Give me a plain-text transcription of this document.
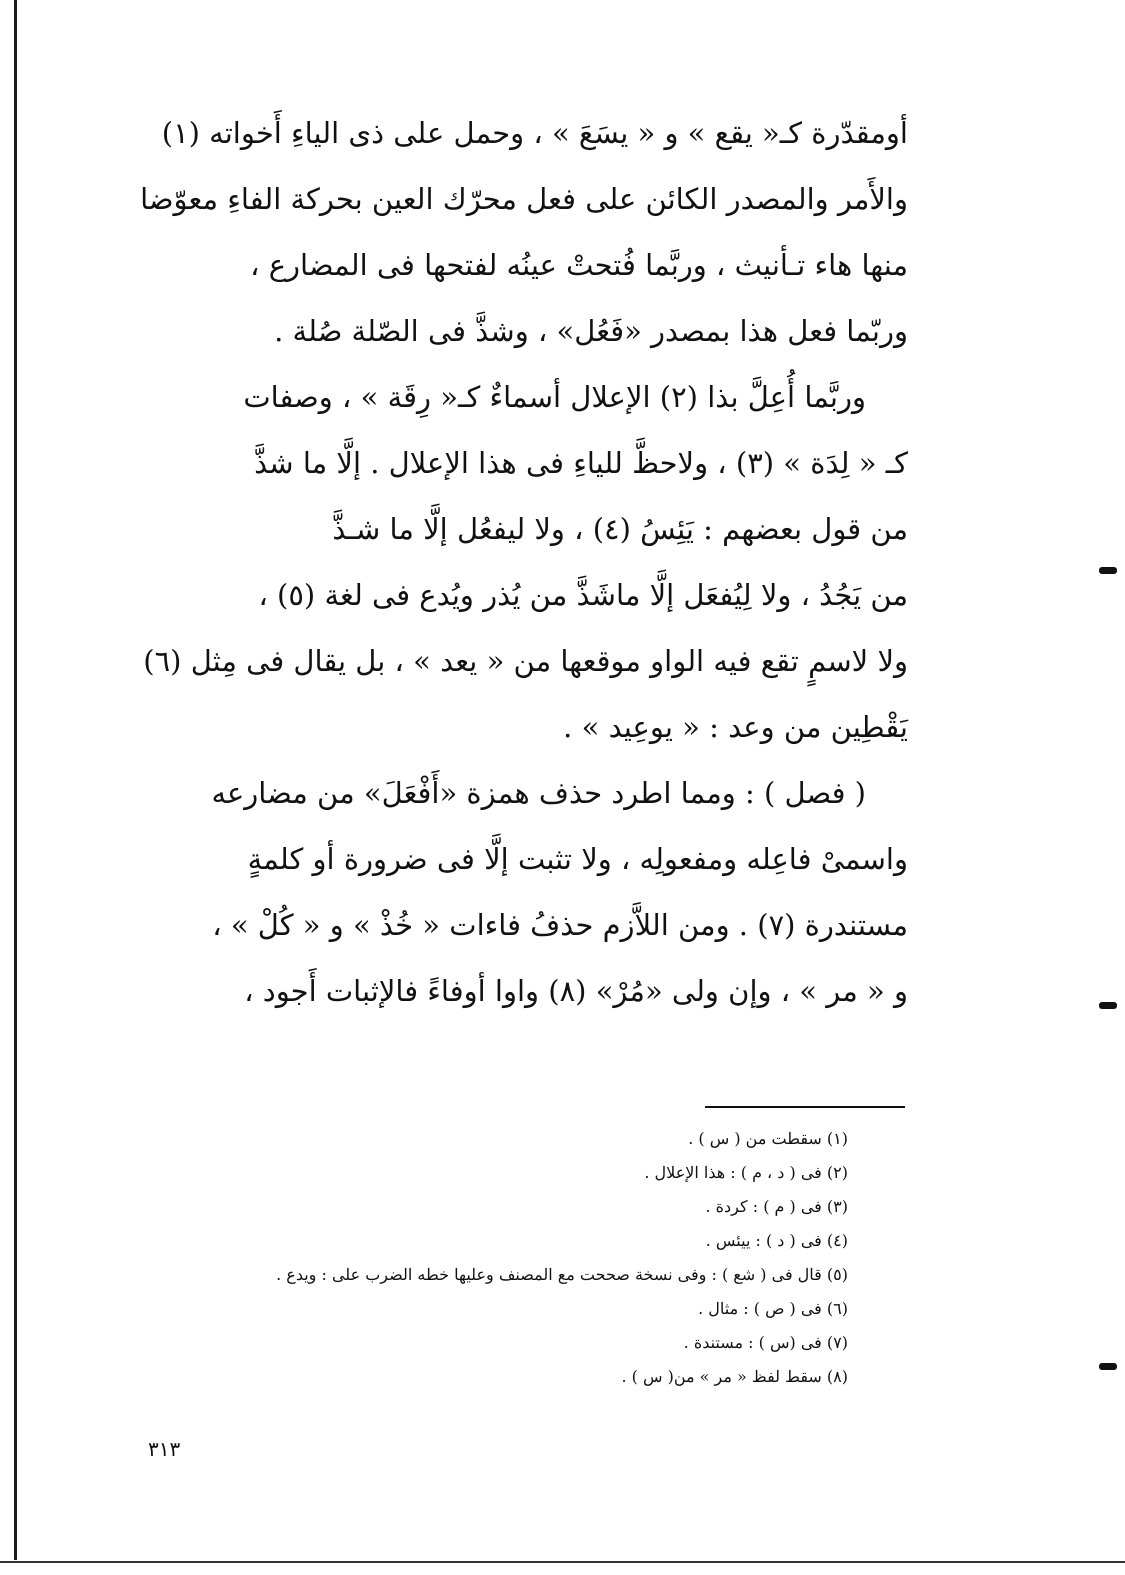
أومقدّرة كـ« يقع » و « يسَعَ » ، وحمل على ذى الياءِ أَخواته (١)
والأَمر والمصدر الكائن على فعل محرّك العين بحركة الفاءِ معوّضا
منها هاء تـأنيث ، وربَّما فُتحتْ عينُه لفتحها فى المضارع ،
وربّما فعل هذا بمصدر «فَعُل» ، وشذَّ فى الصّلة صُلة .
وربَّما أُعِلَّ بذا (٢) الإعلال أسماءٌ كـ« رِقَة » ، وصفات
كـ « لِدَة » (٣) ، ولاحظَّ للياءِ فى هذا الإعلال . إلَّا ما شذَّ
من قول بعضهم : يَئِسُ (٤) ، ولا ليفعُل إلَّا ما شـذَّ
من يَجُدُ ، ولا لِيُفعَل إلَّا ماشَذَّ من يُذر ويُدع فى لغة (٥) ،
ولا لاسمٍ تقع فيه الواو موقعها من « يعد » ، بل يقال فى مِثل (٦)
يَقْطِين من وعد : « يوعِيد » .
( فصل ) : ومما اطرد حذف همزة «أَفْعَلَ» من مضارعه
واسمىْ فاعِله ومفعولِه ، ولا تثبت إلَّا فى ضرورة أو كلمةٍ
مستندرة (٧) . ومن اللاَّزم حذفُ فاءات « خُذْ » و « كُلْ » ،
و « مر » ، وإن ولى «مُرْ» (٨) واوا أوفاءً فالإثبات أَجود ،
(١) سقطت من ( س ) .
(٢) فى ( د ، م ) : هذا الإعلال .
(٣) فى ( م ) : كردة .
(٤) فى ( د ) : ييئس .
(٥) قال فى ( شع ) : وفى نسخة صححت مع المصنف وعليها خطه الضرب على : ويدع .
(٦) فى ( ص ) : مثال .
(٧) فى (س ) : مستندة .
(٨) سقط لفظ « مر » من( س ) .
٣١٣
